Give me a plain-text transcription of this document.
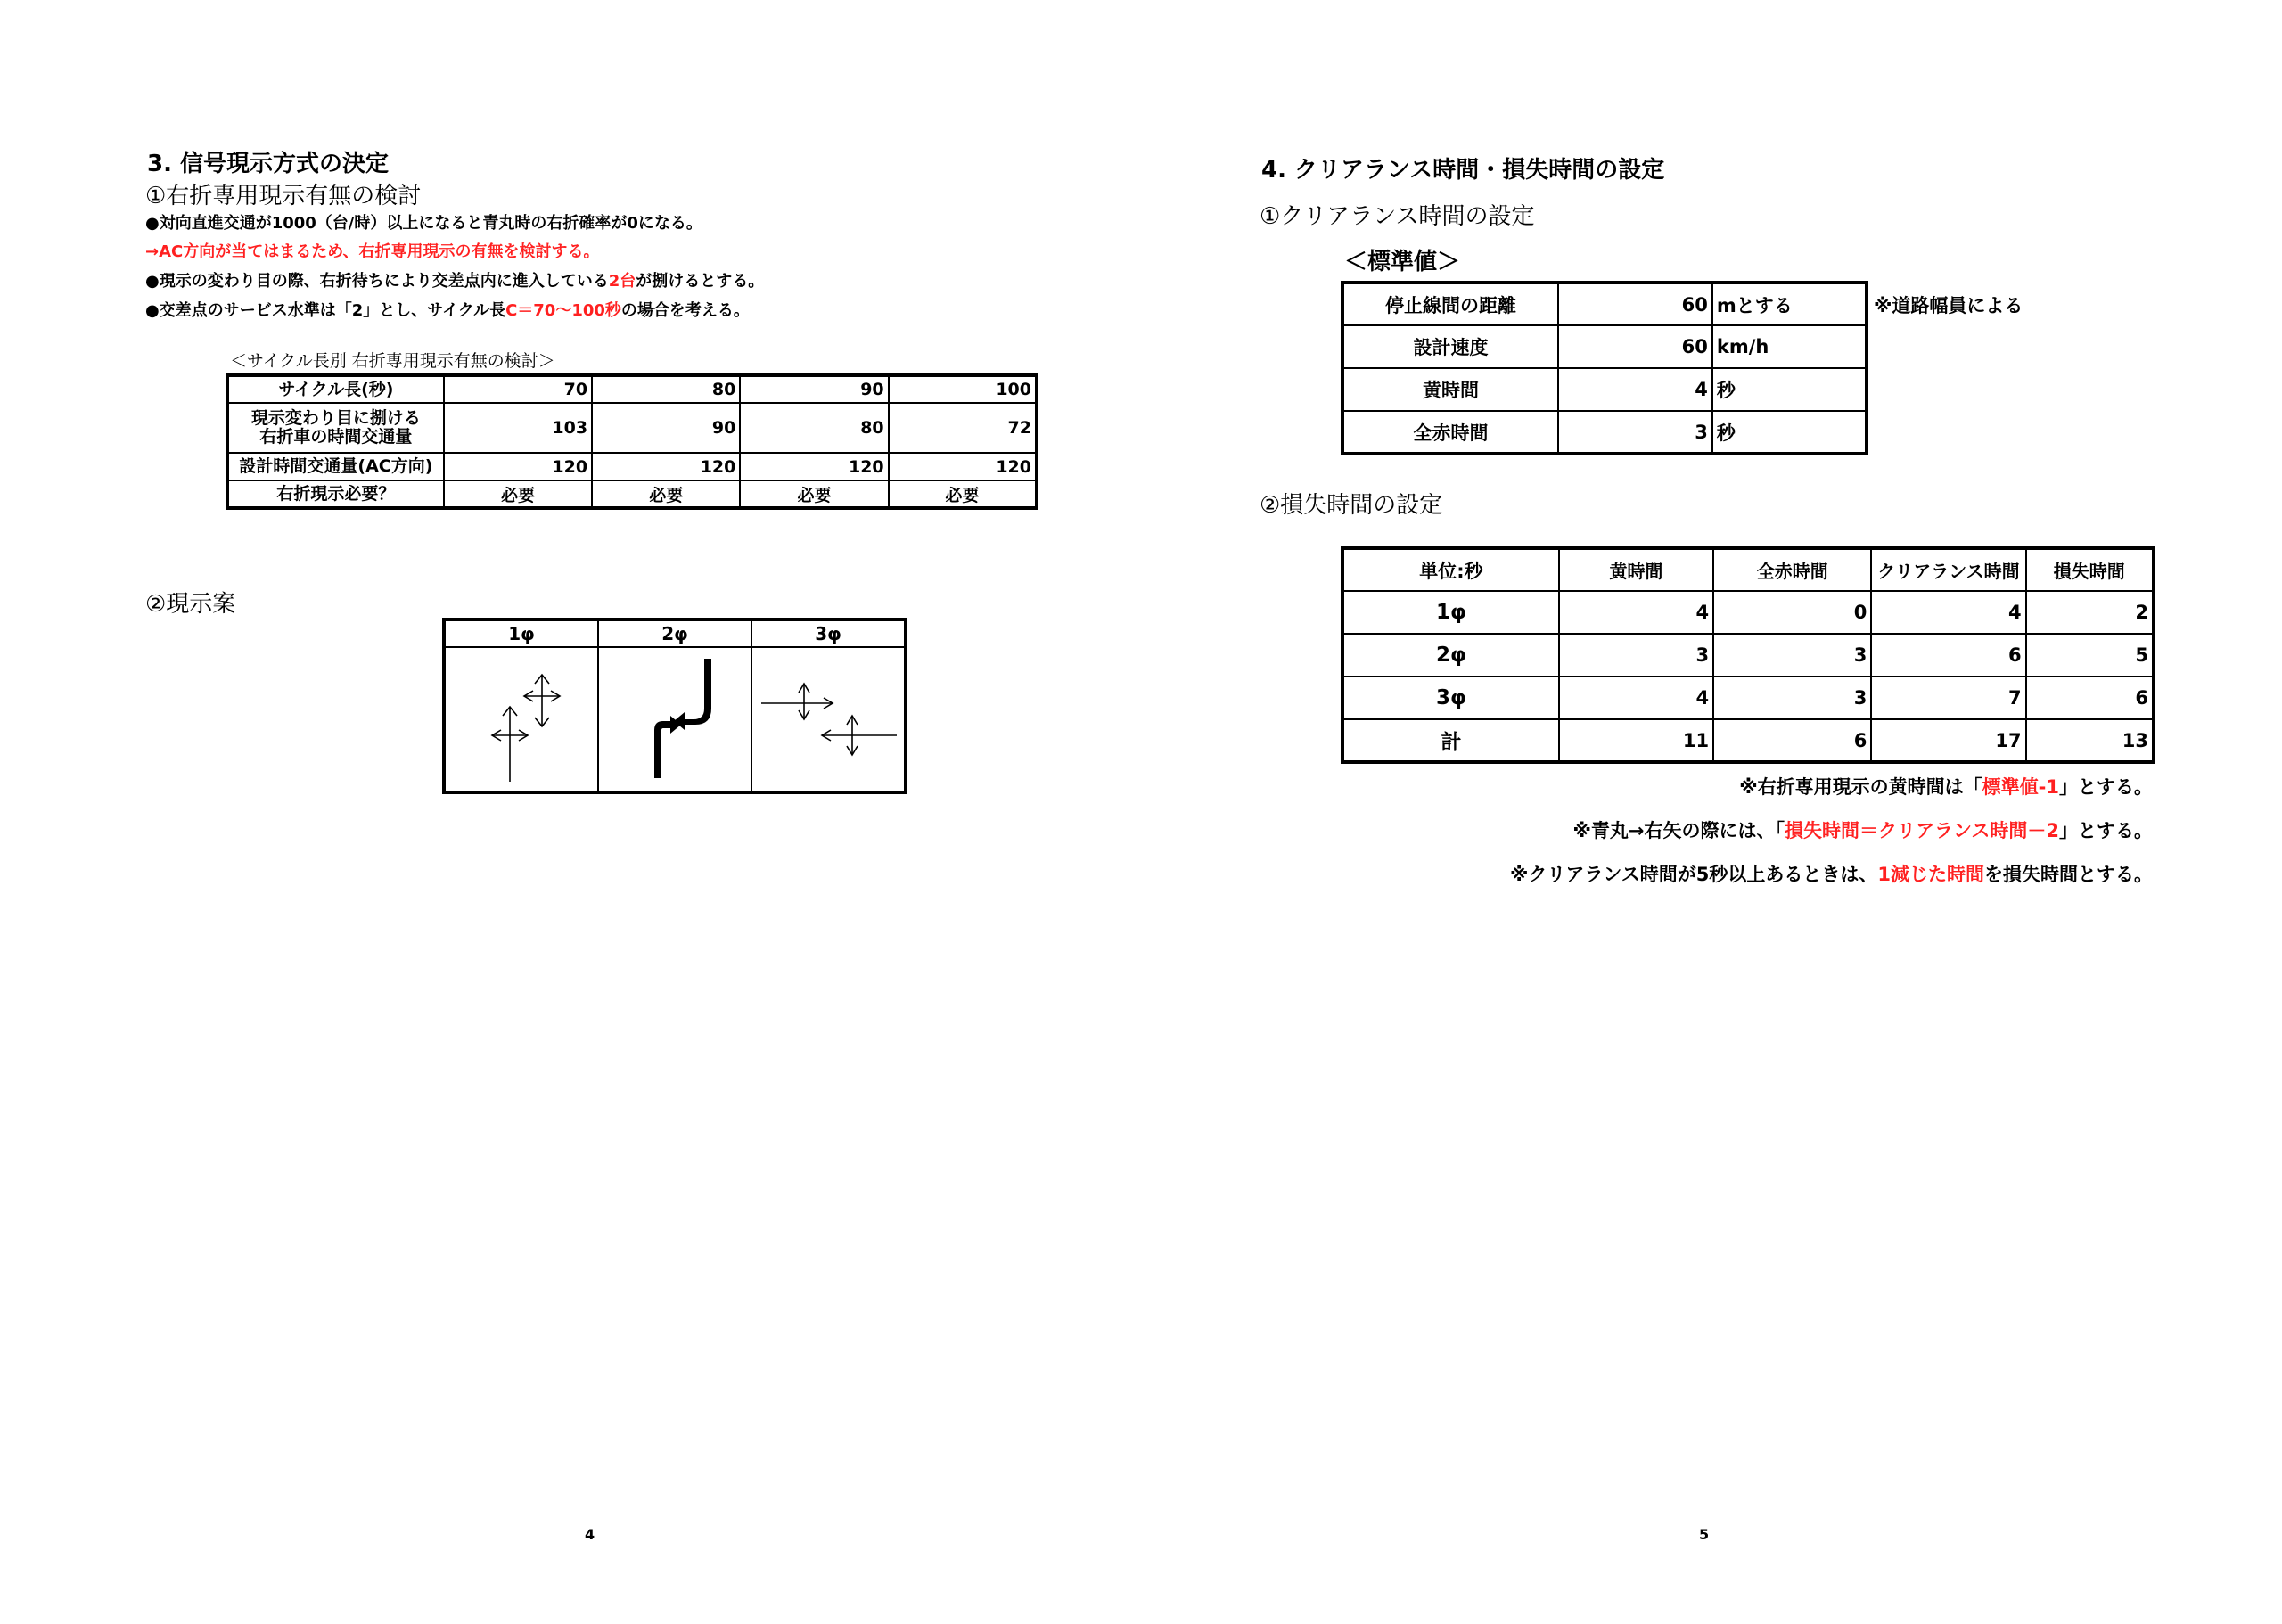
3. 信号現示方式の決定
①右折専用現示有無の検討
●対向直進交通が1000（台/時）以上になると青丸時の右折確率が0になる。
→AC方向が当てはまるため、右折専用現示の有無を検討する。
●現示の変わり目の際、右折待ちにより交差点内に進入している2台が捌けるとする。
●交差点のサービス水準は「2」とし、サイクル長C＝70～100秒の場合を考える。
＜サイクル長別 右折専用現示有無の検討＞
サイクル長(秒)	70	80	90	100
現示変わり目に捌ける
右折車の時間交通量	103	90	80	72
設計時間交通量(AC方向)	120	120	120	120
右折現示必要？	必要	必要	必要	必要
②現示案
1φ	2φ	3φ

4
4. クリアランス時間・損失時間の設定
①クリアランス時間の設定
＜標準値＞
停止線間の距離	60	mとする
設計速度	60	km/h
黄時間	4	秒
全赤時間	3	秒
※道路幅員による
②損失時間の設定
単位:秒	黄時間	全赤時間	クリアランス時間	損失時間
1φ	4	0	4	2
2φ	3	3	6	5
3φ	4	3	7	6
計	11	6	17	13
※右折専用現示の黄時間は「標準値-1」とする。
※青丸→右矢の際には、「損失時間＝クリアランス時間－2」とする。
※クリアランス時間が5秒以上あるときは、1減じた時間を損失時間とする。
5
